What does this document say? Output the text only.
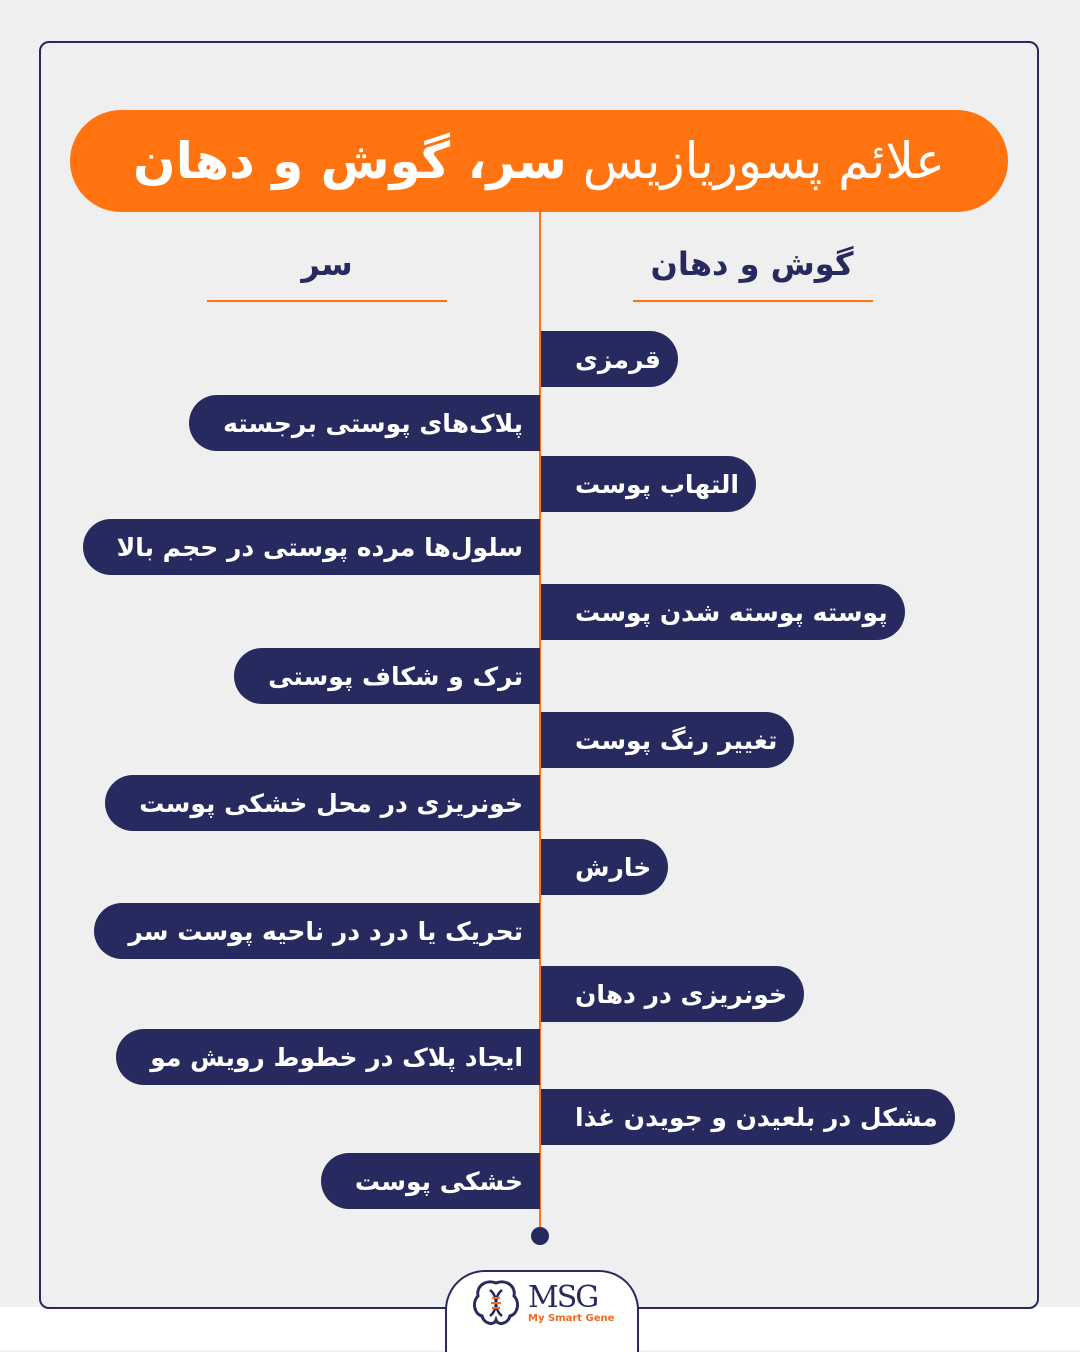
علائم پسوریازیس
سر، گوش و دهان
گوش و دهان
سر
قرمزی
التهاب پوست
پوسته پوسته شدن پوست
تغییر رنگ پوست
خارش
خونریزی در دهان
مشکل در بلعیدن و جویدن غذا
پلاک‌های پوستی برجسته
سلول‌ها مرده پوستی در حجم بالا
ترک و شکاف پوستی
خونریزی در محل خشکی پوست
تحریک یا درد در ناحیه پوست سر
ایجاد پلاک در خطوط رویش مو
خشکی پوست
MSG
My Smart Gene
